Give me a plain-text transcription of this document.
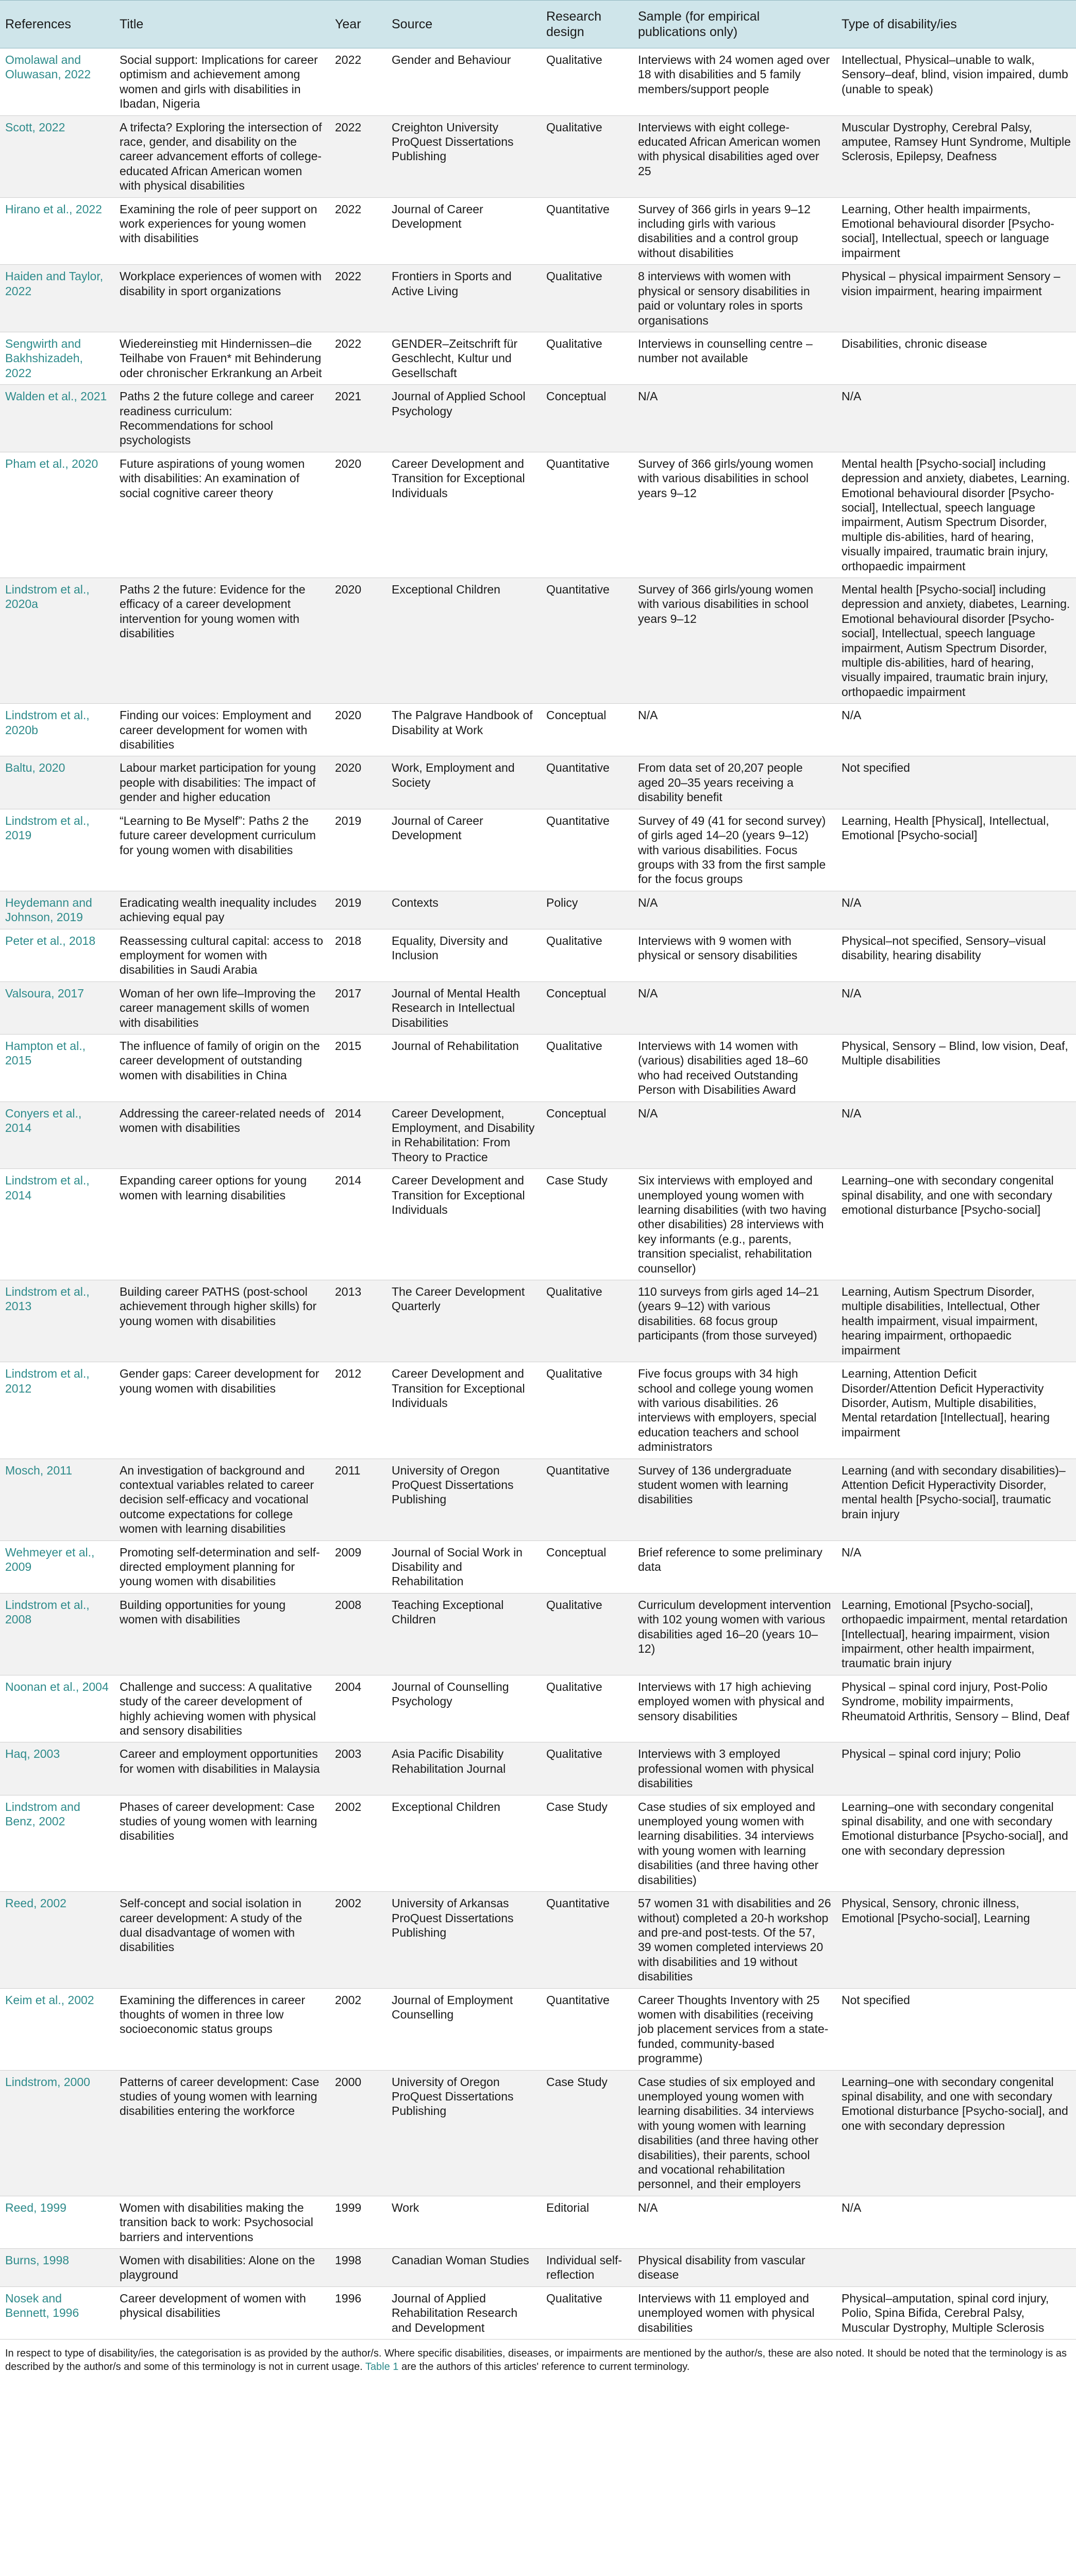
References	Title	Year	Source	Research design	Sample (for empirical publications only)	Type of disability/ies
Omolawal and Oluwasan, 2022	Social support: Implications for career optimism and achievement among women and girls with disabilities in Ibadan, Nigeria	2022	Gender and Behaviour	Qualitative	Interviews with 24 women aged over 18 with disabilities and 5 family members/support people	Intellectual, Physical–unable to walk, Sensory–deaf, blind, vision impaired, dumb (unable to speak)
Scott, 2022	A trifecta? Exploring the intersection of race, gender, and disability on the career advancement efforts of college-educated African American women with physical disabilities	2022	Creighton University ProQuest Dissertations Publishing	Qualitative	Interviews with eight college-educated African American women with physical disabilities aged over 25	Muscular Dystrophy, Cerebral Palsy, amputee, Ramsey Hunt Syndrome, Multiple Sclerosis, Epilepsy, Deafness
Hirano et al., 2022	Examining the role of peer support on work experiences for young women with disabilities	2022	Journal of Career Development	Quantitative	Survey of 366 girls in years 9–12 including girls with various disabilities and a control group without disabilities	Learning, Other health impairments, Emotional behavioural disorder [Psycho-social], Intellectual, speech or language impairment
Haiden and Taylor, 2022	Workplace experiences of women with disability in sport organizations	2022	Frontiers in Sports and Active Living	Qualitative	8 interviews with women with physical or sensory disabilities in paid or voluntary roles in sports organisations	Physical – physical impairment Sensory – vision impairment, hearing impairment
Sengwirth and Bakhshizadeh, 2022	Wiedereinstieg mit Hindernissen–die Teilhabe von Frauen* mit Behinderung oder chronischer Erkrankung an Arbeit	2022	GENDER–Zeitschrift für Geschlecht, Kultur und Gesellschaft	Qualitative	Interviews in counselling centre – number not available	Disabilities, chronic disease
Walden et al., 2021	Paths 2 the future college and career readiness curriculum: Recommendations for school psychologists	2021	Journal of Applied School Psychology	Conceptual	N/A	N/A
Pham et al., 2020	Future aspirations of young women with disabilities: An examination of social cognitive career theory	2020	Career Development and Transition for Exceptional Individuals	Quantitative	Survey of 366 girls/young women with various disabilities in school years 9–12	Mental health [Psycho-social] including depression and anxiety, diabetes, Learning. Emotional behavioural disorder [Psycho-social], Intellectual, speech language impairment, Autism Spectrum Disorder, multiple dis-abilities, hard of hearing, visually impaired, traumatic brain injury, orthopaedic impairment
Lindstrom et al., 2020a	Paths 2 the future: Evidence for the efficacy of a career development intervention for young women with disabilities	2020	Exceptional Children	Quantitative	Survey of 366 girls/young women with various disabilities in school years 9–12	Mental health [Psycho-social] including depression and anxiety, diabetes, Learning. Emotional behavioural disorder [Psycho-social], Intellectual, speech language impairment, Autism Spectrum Disorder, multiple dis-abilities, hard of hearing, visually impaired, traumatic brain injury, orthopaedic impairment
Lindstrom et al., 2020b	Finding our voices: Employment and career development for women with disabilities	2020	The Palgrave Handbook of Disability at Work	Conceptual	N/A	N/A
Baltu, 2020	Labour market participation for young people with disabilities: The impact of gender and higher education	2020	Work, Employment and Society	Quantitative	From data set of 20,207 people aged 20–35 years receiving a disability benefit	Not specified
Lindstrom et al., 2019	“Learning to Be Myself”: Paths 2 the future career development curriculum for young women with disabilities	2019	Journal of Career Development	Quantitative	Survey of 49 (41 for second survey) of girls aged 14–20 (years 9–12) with various disabilities. Focus groups with 33 from the first sample for the focus groups	Learning, Health [Physical], Intellectual, Emotional [Psycho-social]
Heydemann and Johnson, 2019	Eradicating wealth inequality includes achieving equal pay	2019	Contexts	Policy	N/A	N/A
Peter et al., 2018	Reassessing cultural capital: access to employment for women with disabilities in Saudi Arabia	2018	Equality, Diversity and Inclusion	Qualitative	Interviews with 9 women with physical or sensory disabilities	Physical–not specified, Sensory–visual disability, hearing disability
Valsoura, 2017	Woman of her own life–Improving the career management skills of women with disabilities	2017	Journal of Mental Health Research in Intellectual Disabilities	Conceptual	N/A	N/A
Hampton et al., 2015	The influence of family of origin on the career development of outstanding women with disabilities in China	2015	Journal of Rehabilitation	Qualitative	Interviews with 14 women with (various) disabilities aged 18–60 who had received Outstanding Person with Disabilities Award	Physical, Sensory – Blind, low vision, Deaf, Multiple disabilities
Conyers et al., 2014	Addressing the career-related needs of women with disabilities	2014	Career Development, Employment, and Disability in Rehabilitation: From Theory to Practice	Conceptual	N/A	N/A
Lindstrom et al., 2014	Expanding career options for young women with learning disabilities	2014	Career Development and Transition for Exceptional Individuals	Case Study	Six interviews with employed and unemployed young women with learning disabilities (with two having other disabilities) 28 interviews with key informants (e.g., parents, transition specialist, rehabilitation counsellor)	Learning–one with secondary congenital spinal disability, and one with secondary emotional disturbance [Psycho-social]
Lindstrom et al., 2013	Building career PATHS (post-school achievement through higher skills) for young women with disabilities	2013	The Career Development Quarterly	Qualitative	110 surveys from girls aged 14–21 (years 9–12) with various disabilities. 68 focus group participants (from those surveyed)	Learning, Autism Spectrum Disorder, multiple disabilities, Intellectual, Other health impairment, visual impairment, hearing impairment, orthopaedic impairment
Lindstrom et al., 2012	Gender gaps: Career development for young women with disabilities	2012	Career Development and Transition for Exceptional Individuals	Qualitative	Five focus groups with 34 high school and college young women with various disabilities. 26 interviews with employers, special education teachers and school administrators	Learning, Attention Deficit Disorder/Attention Deficit Hyperactivity Disorder, Autism, Multiple disabilities, Mental retardation [Intellectual], hearing impairment
Mosch, 2011	An investigation of background and contextual variables related to career decision self-efficacy and vocational outcome expectations for college women with learning disabilities	2011	University of Oregon ProQuest Dissertations Publishing	Quantitative	Survey of 136 undergraduate student women with learning disabilities	Learning (and with secondary disabilities)–Attention Deficit Hyperactivity Disorder, mental health [Psycho-social], traumatic brain injury
Wehmeyer et al., 2009	Promoting self-determination and self-directed employment planning for young women with disabilities	2009	Journal of Social Work in Disability and Rehabilitation	Conceptual	Brief reference to some preliminary data	N/A
Lindstrom et al., 2008	Building opportunities for young women with disabilities	2008	Teaching Exceptional Children	Qualitative	Curriculum development intervention with 102 young women with various disabilities aged 16–20 (years 10–12)	Learning, Emotional [Psycho-social], orthopaedic impairment, mental retardation [Intellectual], hearing impairment, vision impairment, other health impairment, traumatic brain injury
Noonan et al., 2004	Challenge and success: A qualitative study of the career development of highly achieving women with physical and sensory disabilities	2004	Journal of Counselling Psychology	Qualitative	Interviews with 17 high achieving employed women with physical and sensory disabilities	Physical – spinal cord injury, Post-Polio Syndrome, mobility impairments, Rheumatoid Arthritis, Sensory – Blind, Deaf
Haq, 2003	Career and employment opportunities for women with disabilities in Malaysia	2003	Asia Pacific Disability Rehabilitation Journal	Qualitative	Interviews with 3 employed professional women with physical disabilities	Physical – spinal cord injury; Polio
Lindstrom and Benz, 2002	Phases of career development: Case studies of young women with learning disabilities	2002	Exceptional Children	Case Study	Case studies of six employed and unemployed young women with learning disabilities. 34 interviews with young women with learning disabilities (and three having other disabilities)	Learning–one with secondary congenital spinal disability, and one with secondary Emotional disturbance [Psycho-social], and one with secondary depression
Reed, 2002	Self-concept and social isolation in career development: A study of the dual disadvantage of women with disabilities	2002	University of Arkansas ProQuest Dissertations Publishing	Quantitative	57 women 31 with disabilities and 26 without) completed a 20-h workshop and pre-and post-tests. Of the 57, 39 women completed interviews 20 with disabilities and 19 without disabilities	Physical, Sensory, chronic illness, Emotional [Psycho-social], Learning
Keim et al., 2002	Examining the differences in career thoughts of women in three low socioeconomic status groups	2002	Journal of Employment Counselling	Quantitative	Career Thoughts Inventory with 25 women with disabilities (receiving job placement services from a state-funded, community-based programme)	Not specified
Lindstrom, 2000	Patterns of career development: Case studies of young women with learning disabilities entering the workforce	2000	University of Oregon ProQuest Dissertations Publishing	Case Study	Case studies of six employed and unemployed young women with learning disabilities. 34 interviews with young women with learning disabilities (and three having other disabilities), their parents, school and vocational rehabilitation personnel, and their employers	Learning–one with secondary congenital spinal disability, and one with secondary Emotional disturbance [Psycho-social], and one with secondary depression
Reed, 1999	Women with disabilities making the transition back to work: Psychosocial barriers and interventions	1999	Work	Editorial	N/A	N/A
Burns, 1998	Women with disabilities: Alone on the playground	1998	Canadian Woman Studies	Individual self-reflection	Physical disability from vascular disease	
Nosek and Bennett, 1996	Career development of women with physical disabilities	1996	Journal of Applied Rehabilitation Research and Development	Qualitative	Interviews with 11 employed and unemployed women with physical disabilities	Physical–amputation, spinal cord injury, Polio, Spina Bifida, Cerebral Palsy, Muscular Dystrophy, Multiple Sclerosis
In respect to type of disability/ies, the categorisation is as provided by the author/s. Where specific disabilities, diseases, or impairments are mentioned by the author/s, these are also noted. It should be noted that the terminology is as described by the author/s and some of this terminology is not in current usage. Table 1 are the authors of this articles' reference to current terminology.
